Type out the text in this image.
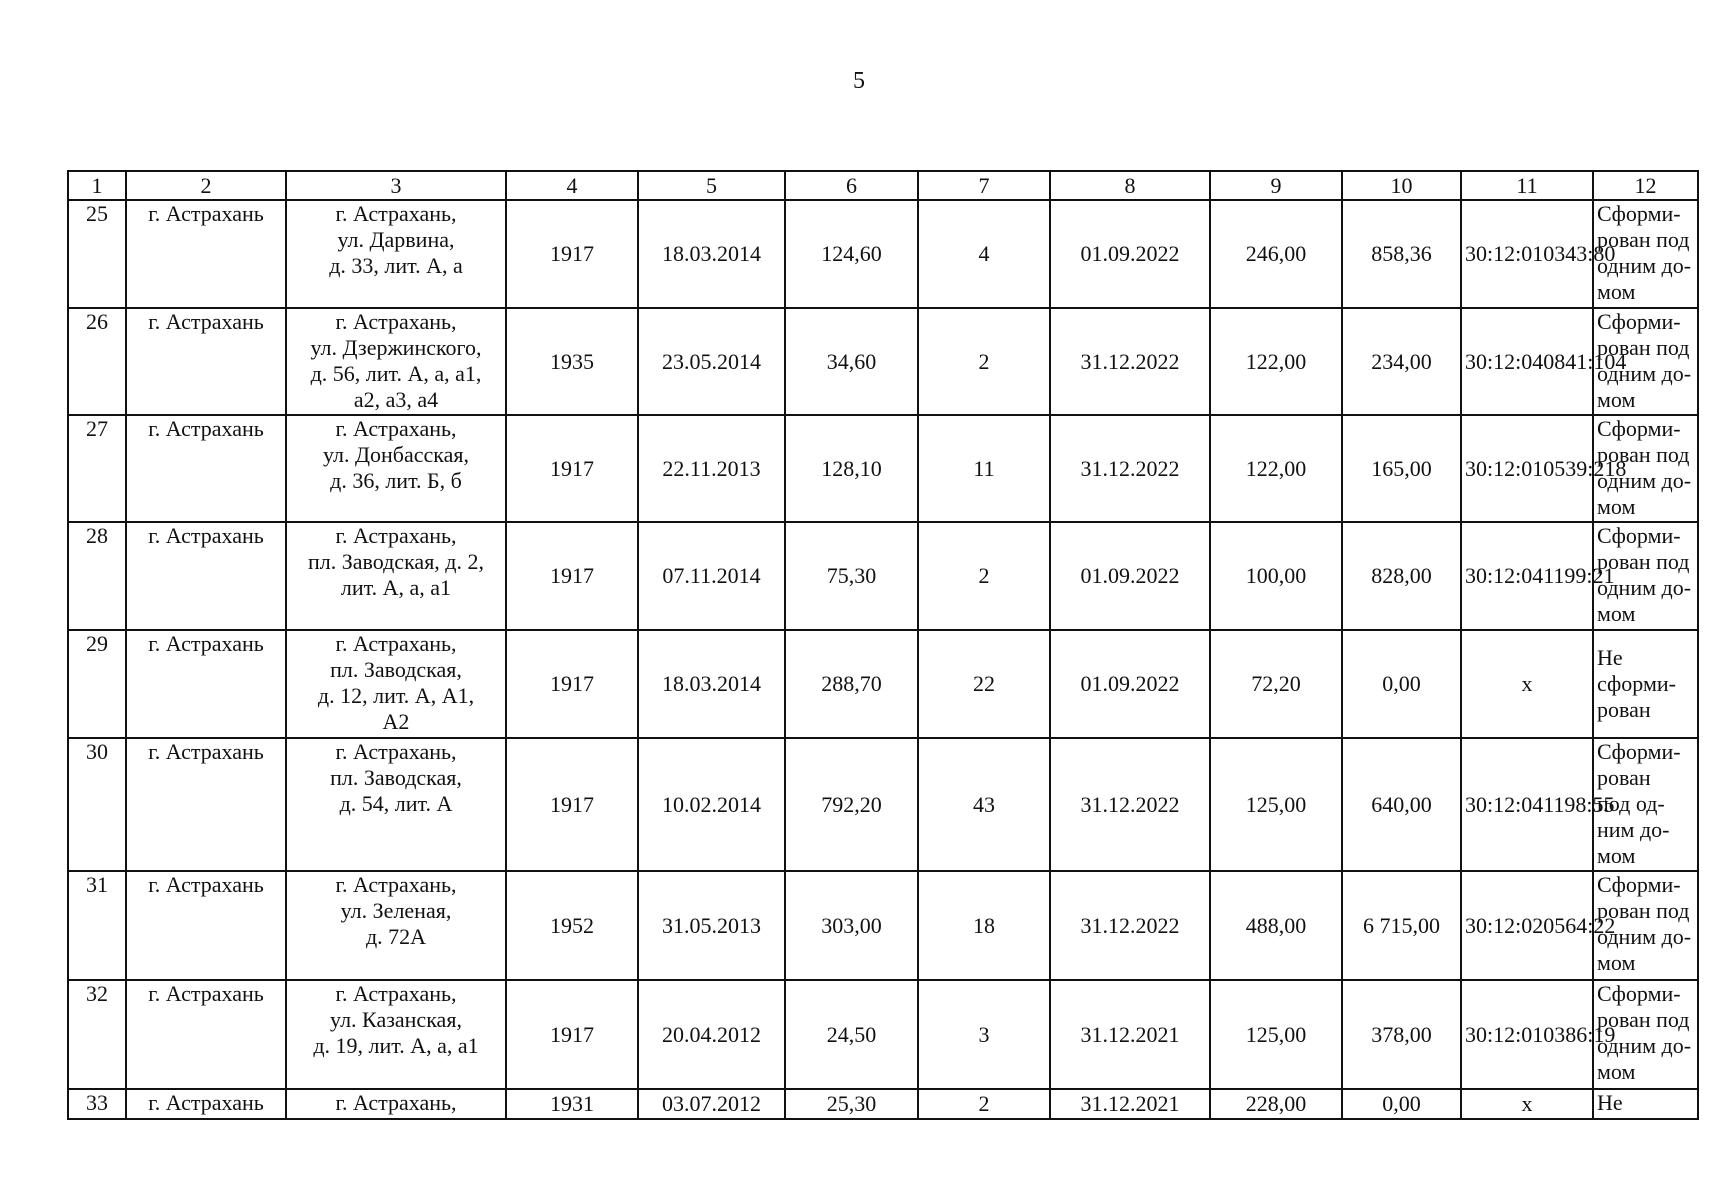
5
1	2	3	4	5	6	7	8	9	10	11	12
25	г. Астрахань	г. Астрахань,
ул. Дарвина,
д. 33, лит. А, а	1917	18.03.2014	124,60	4	01.09.2022	246,00	858,36	30:12:010343:80	Сформи-
рован под
одним до-
мом

26	г. Астрахань	г. Астрахань,
ул. Дзержинского,
д. 56, лит. А, а, а1,
а2, а3, а4	1935	23.05.2014	34,60	2	31.12.2022	122,00	234,00	30:12:040841:104	Сформи-
рован под
одним до-
мом

27	г. Астрахань	г. Астрахань,
ул. Донбасская,
д. 36, лит. Б, б	1917	22.11.2013	128,10	11	31.12.2022	122,00	165,00	30:12:010539:218	Сформи-
рован под
одним до-
мом

28	г. Астрахань	г. Астрахань,
пл. Заводская, д. 2,
лит. А, а, а1	1917	07.11.2014	75,30	2	01.09.2022	100,00	828,00	30:12:041199:21	Сформи-
рован под
одним до-
мом

29	г. Астрахань	г. Астрахань,
пл. Заводская,
д. 12, лит. А, А1,
А2	1917	18.03.2014	288,70	22	01.09.2022	72,20	0,00	х	Не
сформи-
рован

30	г. Астрахань	г. Астрахань,
пл. Заводская,
д. 54, лит. А	1917	10.02.2014	792,20	43	31.12.2022	125,00	640,00	30:12:041198:55	Сформи-
рован
под од-
ним до-
мом

31	г. Астрахань	г. Астрахань,
ул. Зеленая,
д. 72А	1952	31.05.2013	303,00	18	31.12.2022	488,00	6 715,00	30:12:020564:22	Сформи-
рован под
одним до-
мом

32	г. Астрахань	г. Астрахань,
ул. Казанская,
д. 19, лит. А, а, а1	1917	20.04.2012	24,50	3	31.12.2021	125,00	378,00	30:12:010386:19	Сформи-
рован под
одним до-
мом

33	г. Астрахань	г. Астрахань,	1931	03.07.2012	25,30	2	31.12.2021	228,00	0,00	х	Не
